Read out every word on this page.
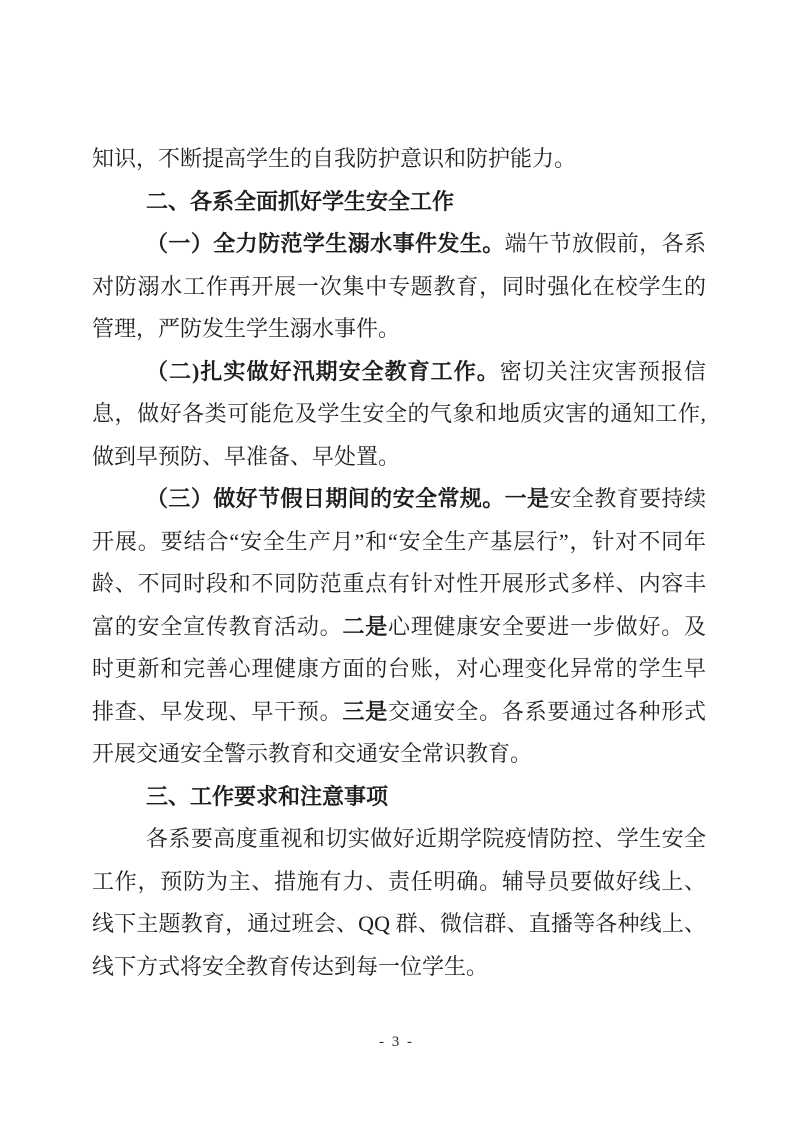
知识，不断提高学生的自我防护意识和防护能力。

二、各系全面抓好学生安全工作

（一）全力防范学生溺水事件发生。端午节放假前，各系对防溺水工作再开展一次集中专题教育，同时强化在校学生的管理，严防发生学生溺水事件。

（二)扎实做好汛期安全教育工作。密切关注灾害预报信息，做好各类可能危及学生安全的气象和地质灾害的通知工作,做到早预防、早准备、早处置。

（三）做好节假日期间的安全常规。一是安全教育要持续开展。要结合“安全生产月”和“安全生产基层行”，针对不同年龄、不同时段和不同防范重点有针对性开展形式多样、内容丰富的安全宣传教育活动。二是心理健康安全要进一步做好。及时更新和完善心理健康方面的台账，对心理变化异常的学生早排查、早发现、早干预。三是交通安全。各系要通过各种形式开展交通安全警示教育和交通安全常识教育。

三、工作要求和注意事项

各系要高度重视和切实做好近期学院疫情防控、学生安全工作，预防为主、措施有力、责任明确。辅导员要做好线上、线下主题教育，通过班会、QQ 群、微信群、直播等各种线上、线下方式将安全教育传达到每一位学生。

- 3 -
